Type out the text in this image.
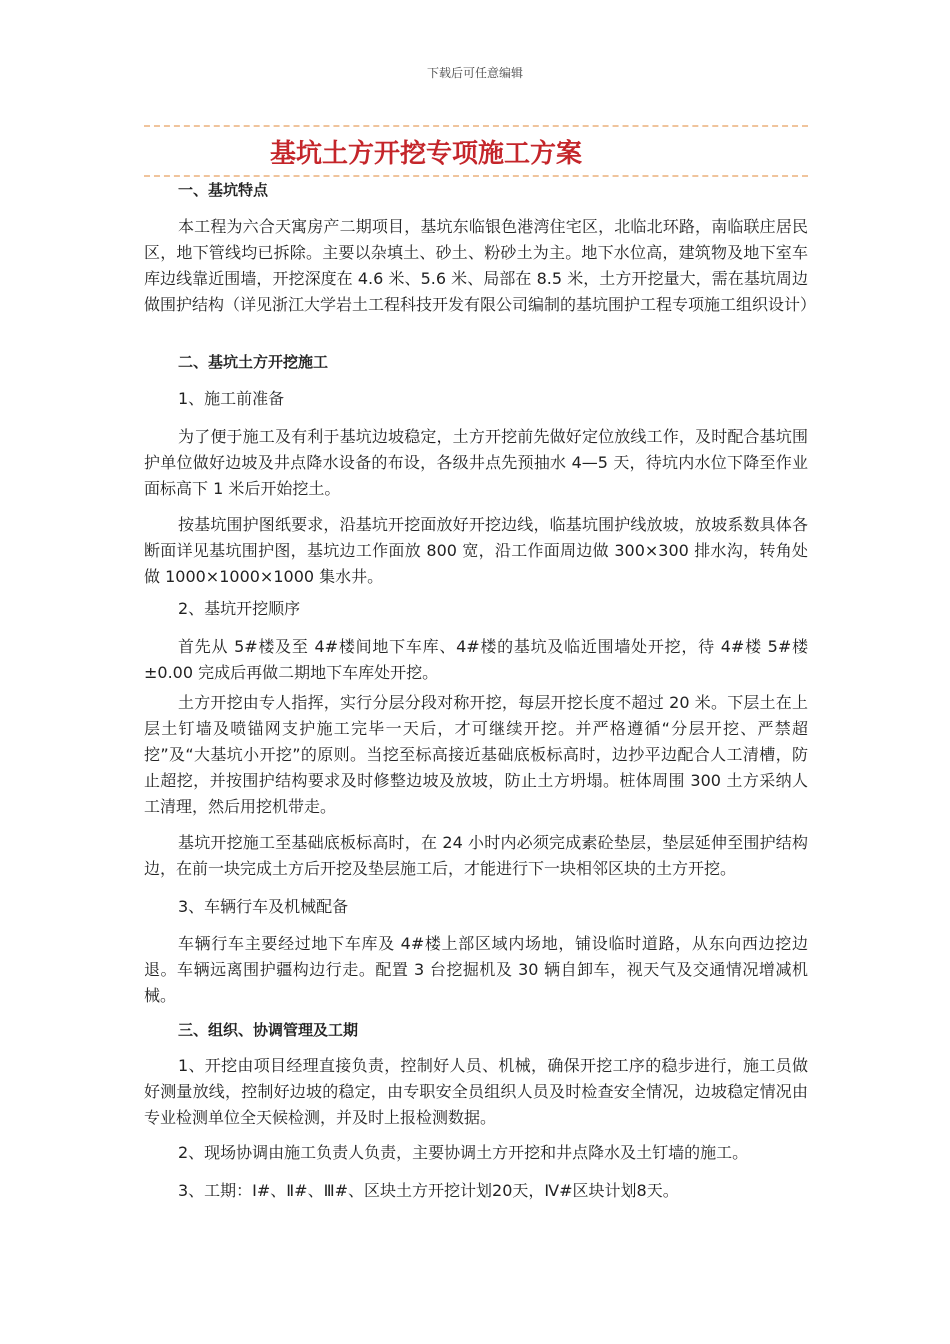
下载后可任意编辑
基坑土方开挖专项施工方案
一、基坑特点
本工程为六合天寓房产二期项目，基坑东临银色港湾住宅区，北临北环路，南临联庄居民区，地下管线均已拆除。主要以杂填土、砂土、粉砂土为主。地下水位高，建筑物及地下室车库边线靠近围墙，开挖深度在 4.6 米、5.6 米、局部在 8.5 米，土方开挖量大，需在基坑周边做围护结构（详见浙江大学岩土工程科技开发有限公司编制的基坑围护工程专项施工组织设计）
二、基坑土方开挖施工
1、施工前准备
为了便于施工及有利于基坑边坡稳定，土方开挖前先做好定位放线工作，及时配合基坑围护单位做好边坡及井点降水设备的布设，各级井点先预抽水 4—5 天，待坑内水位下降至作业面标高下 1 米后开始挖土。
按基坑围护图纸要求，沿基坑开挖面放好开挖边线，临基坑围护线放坡，放坡系数具体各断面详见基坑围护图，基坑边工作面放 800 宽，沿工作面周边做 300×300 排水沟，转角处做 1000×1000×1000 集水井。
2、基坑开挖顺序
首先从 5#楼及至 4#楼间地下车库、4#楼的基坑及临近围墙处开挖，待 4#楼 5#楼±0.00 完成后再做二期地下车库处开挖。
土方开挖由专人指挥，实行分层分段对称开挖，每层开挖长度不超过 20 米。下层土在上层土钉墙及喷锚网支护施工完毕一天后，才可继续开挖。并严格遵循“分层开挖、严禁超挖”及“大基坑小开挖”的原则。当挖至标高接近基础底板标高时，边抄平边配合人工清槽，防止超挖，并按围护结构要求及时修整边坡及放坡，防止土方坍塌。桩体周围 300 土方采纳人工清理，然后用挖机带走。
基坑开挖施工至基础底板标高时，在 24 小时内必须完成素砼垫层，垫层延伸至围护结构边，在前一块完成土方后开挖及垫层施工后，才能进行下一块相邻区块的土方开挖。
3、车辆行车及机械配备
车辆行车主要经过地下车库及 4#楼上部区域内场地，铺设临时道路，从东向西边挖边退。车辆远离围护疆构边行走。配置 3 台挖掘机及 30 辆自卸车，视天气及交通情况增减机械。
三、组织、协调管理及工期
1、开挖由项目经理直接负责，控制好人员、机械，确保开挖工序的稳步进行，施工员做好测量放线，控制好边坡的稳定，由专职安全员组织人员及时检查安全情况，边坡稳定情况由专业检测单位全天候检测，并及时上报检测数据。
2、现场协调由施工负责人负责，主要协调土方开挖和井点降水及土钉墙的施工。
3、工期：Ⅰ#、Ⅱ#、Ⅲ#、区块土方开挖计划20天，Ⅳ#区块计划8天。
